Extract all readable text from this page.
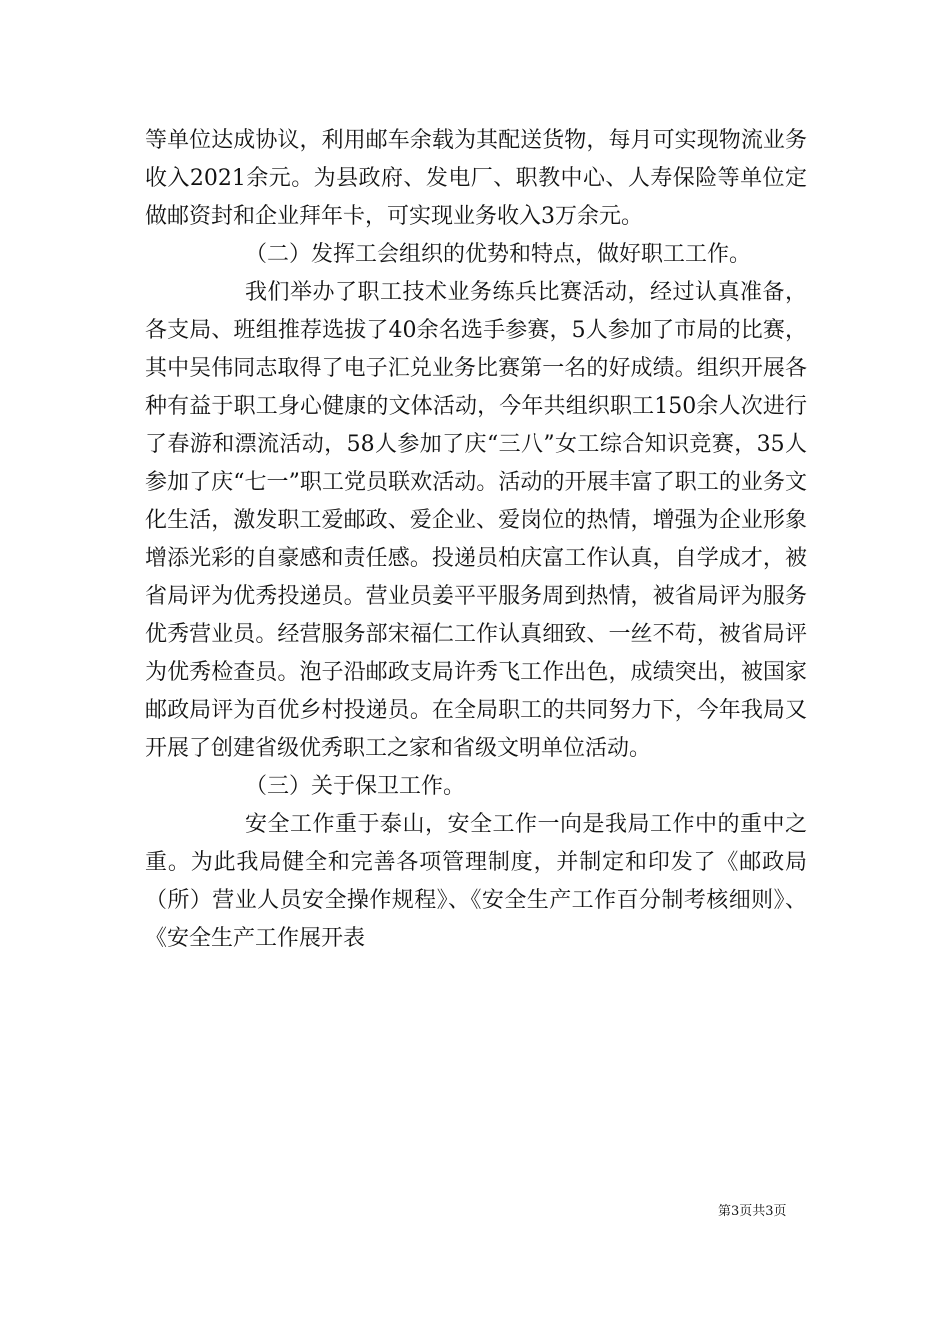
等单位达成协议，利用邮车余载为其配送货物，每月可实现物流业务收入2021余元。为县政府、发电厂、职教中心、人寿保险等单位定做邮资封和企业拜年卡，可实现业务收入3万余元。

（二）发挥工会组织的优势和特点，做好职工工作。

我们举办了职工技术业务练兵比赛活动，经过认真准备，各支局、班组推荐选拔了40余名选手参赛，5人参加了市局的比赛，其中吴伟同志取得了电子汇兑业务比赛第一名的好成绩。组织开展各种有益于职工身心健康的文体活动，今年共组织职工150余人次进行了春游和漂流活动，58人参加了庆“三八”女工综合知识竞赛，35人参加了庆“七一”职工党员联欢活动。活动的开展丰富了职工的业务文化生活，激发职工爱邮政、爱企业、爱岗位的热情，增强为企业形象增添光彩的自豪感和责任感。投递员柏庆富工作认真，自学成才，被省局评为优秀投递员。营业员姜平平服务周到热情，被省局评为服务优秀营业员。经营服务部宋福仁工作认真细致、一丝不苟，被省局评为优秀检查员。泡子沿邮政支局许秀飞工作出色，成绩突出，被国家邮政局评为百优乡村投递员。在全局职工的共同努力下，今年我局又开展了创建省级优秀职工之家和省级文明单位活动。

（三）关于保卫工作。

安全工作重于泰山，安全工作一向是我局工作中的重中之重。为此我局健全和完善各项管理制度，并制定和印发了《邮政局（所）营业人员安全操作规程》、《安全生产工作百分制考核细则》、《安全生产工作展开表

第3页共3页
